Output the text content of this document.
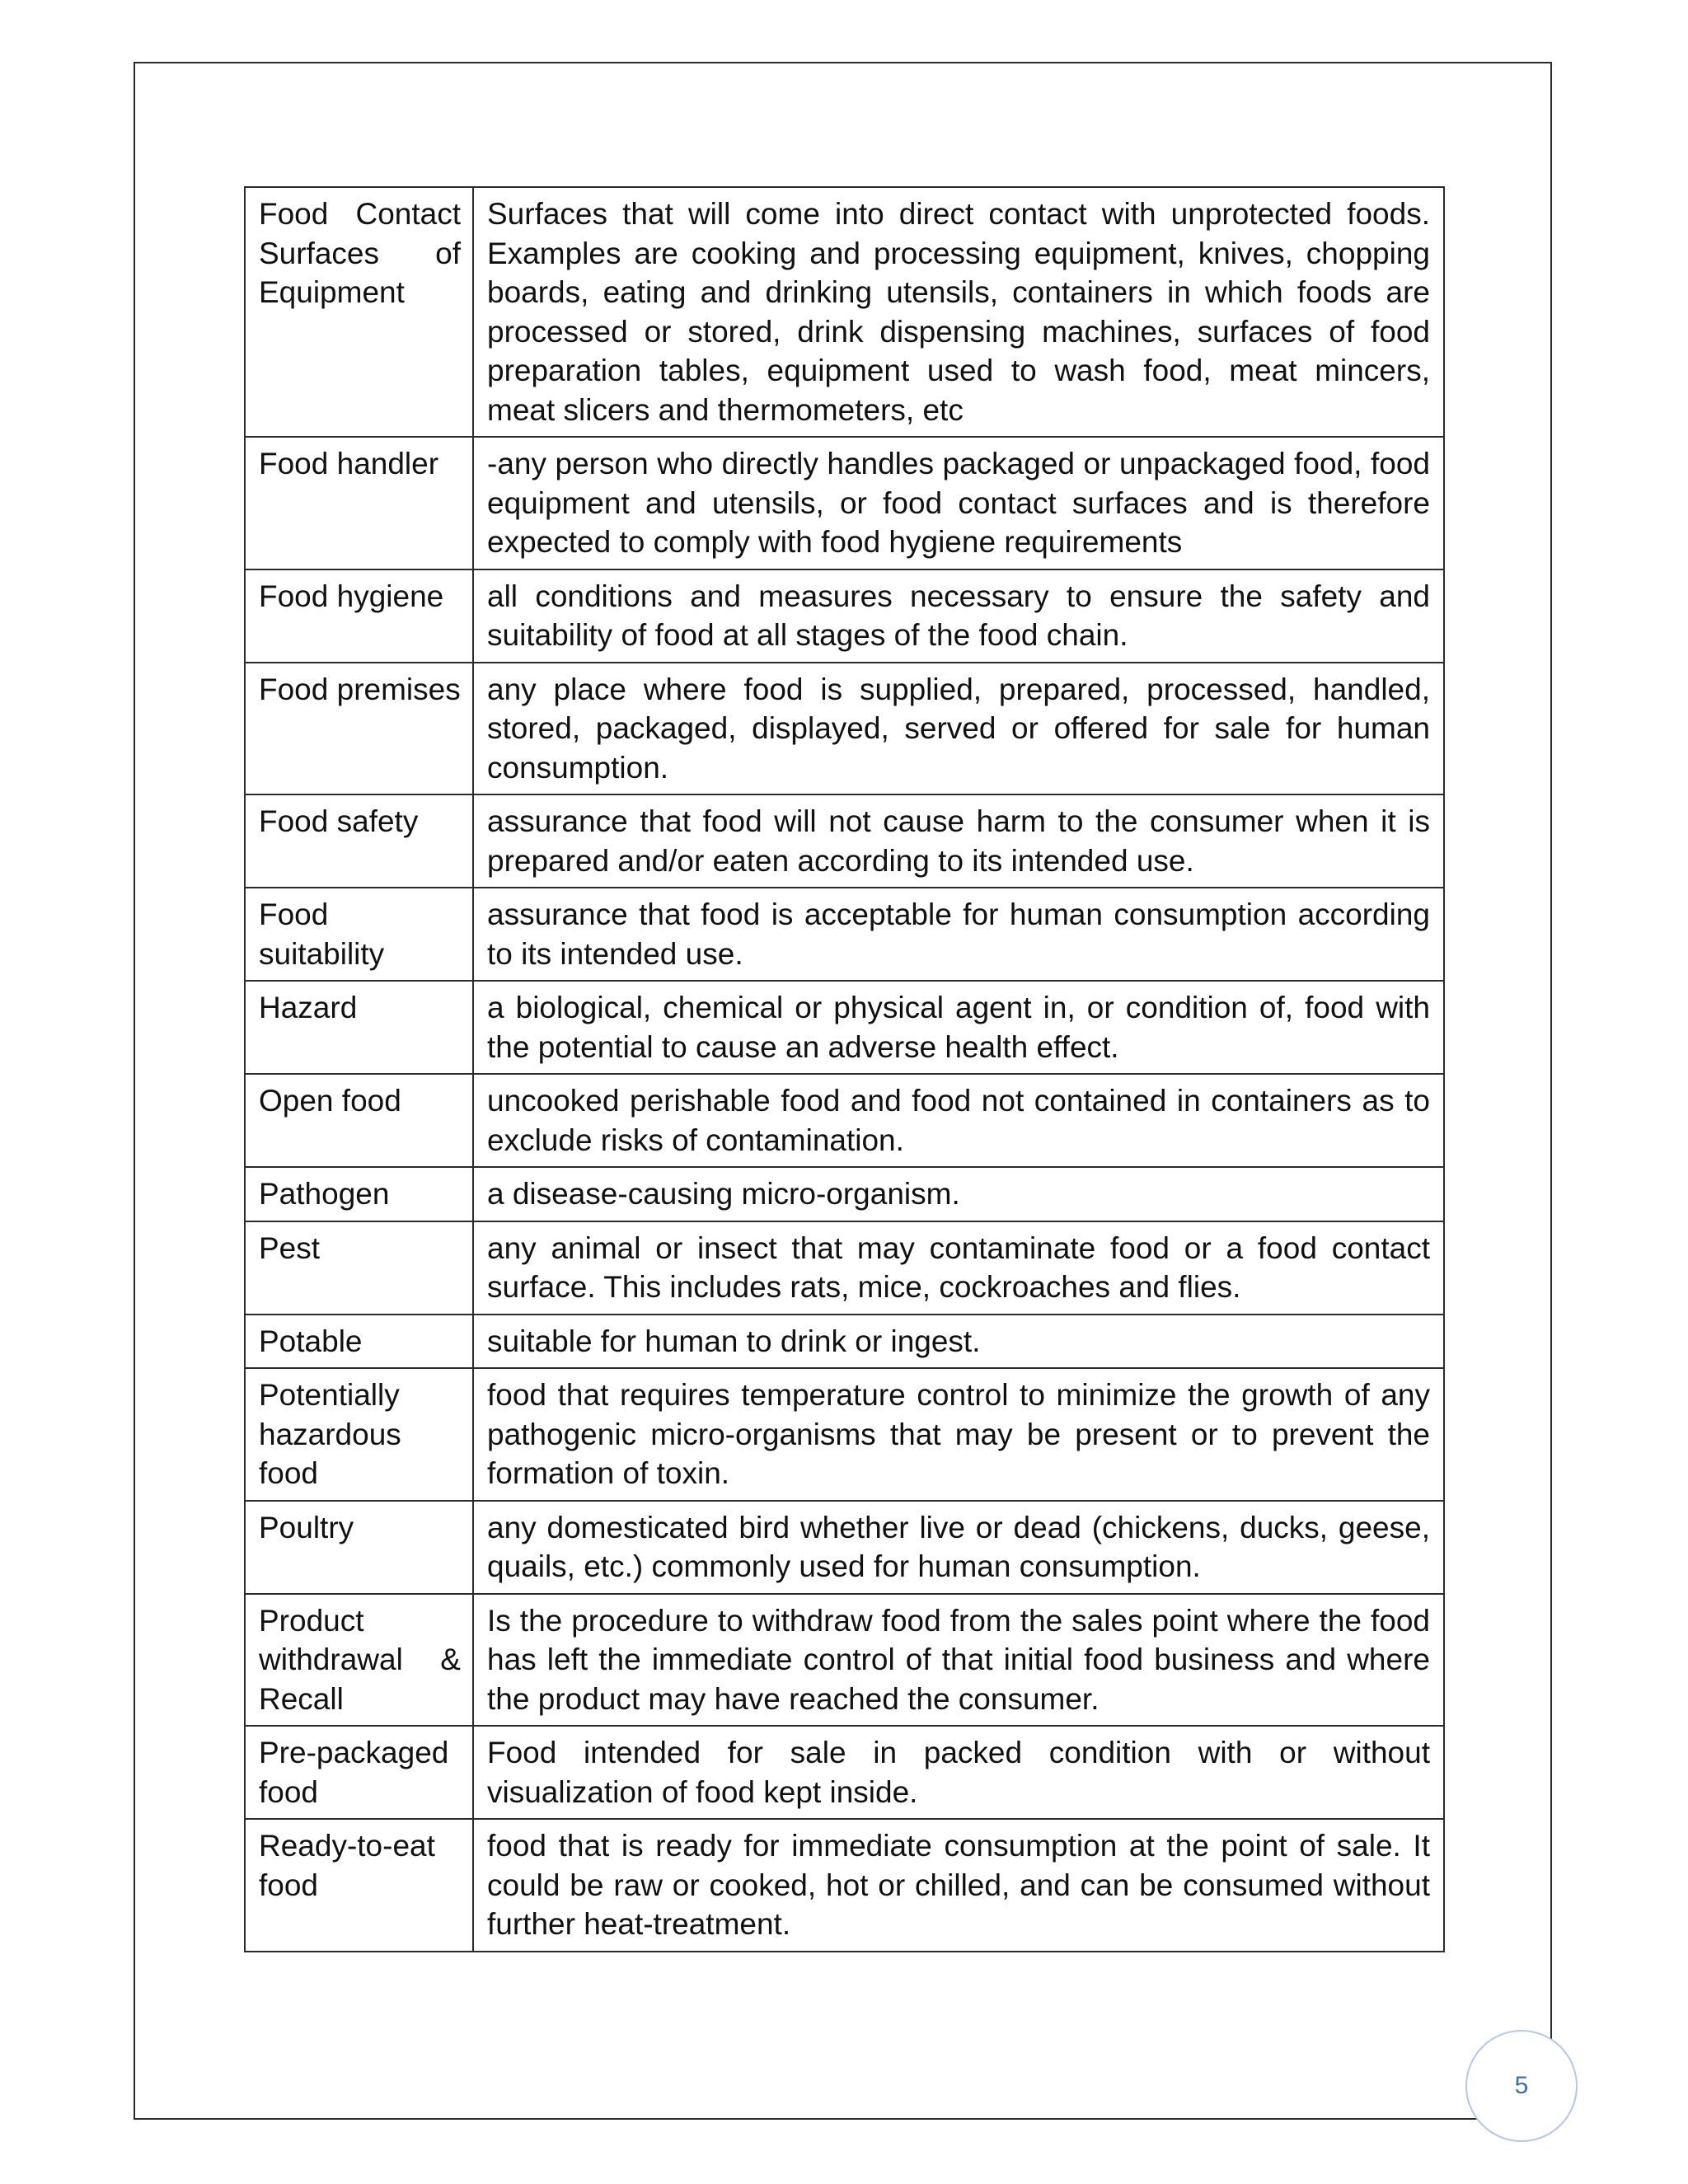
Food Contact Surfaces of Equipment	Surfaces that will come into direct contact with unprotected foods. Examples are cooking and processing equipment, knives, chopping boards, eating and drinking utensils, containers in which foods are processed or stored, drink dispensing machines, surfaces of food preparation tables, equipment used to wash food, meat mincers, meat slicers and thermometers, etc
Food handler	-any person who directly handles packaged or unpackaged food, food equipment and utensils, or food contact surfaces and is therefore expected to comply with food hygiene requirements
Food hygiene	all conditions and measures necessary to ensure the safety and suitability of food at all stages of the food chain.
Food premises	any place where food is supplied, prepared, processed, handled, stored, packaged, displayed, served or offered for sale for human consumption.
Food safety	assurance that food will not cause harm to the consumer when it is prepared and/or eaten according to its intended use.
Food suitability	assurance that food is acceptable for human consumption according to its intended use.
Hazard	a biological, chemical or physical agent in, or condition of, food with the potential to cause an adverse health effect.
Open food	uncooked perishable food and food not contained in containers as to exclude risks of contamination.
Pathogen	a disease-causing micro-organism.
Pest	any animal or insect that may contaminate food or a food contact surface. This includes rats, mice, cockroaches and flies.
Potable	suitable for human to drink or ingest.
Potentially hazardous food	food that requires temperature control to minimize the growth of any pathogenic micro-organisms that may be present or to prevent the formation of toxin.
Poultry	any domesticated bird whether live or dead (chickens, ducks, geese, quails, etc.) commonly used for human consumption.
Product withdrawal & Recall	Is the procedure to withdraw food from the sales point where the food has left the immediate control of that initial food business and where the product may have reached the consumer.
Pre-packaged food	Food intended for sale in packed condition with or without visualization of food kept inside.
Ready-to-eat food	food that is ready for immediate consumption at the point of sale. It could be raw or cooked, hot or chilled, and can be consumed without further heat-treatment.
5
